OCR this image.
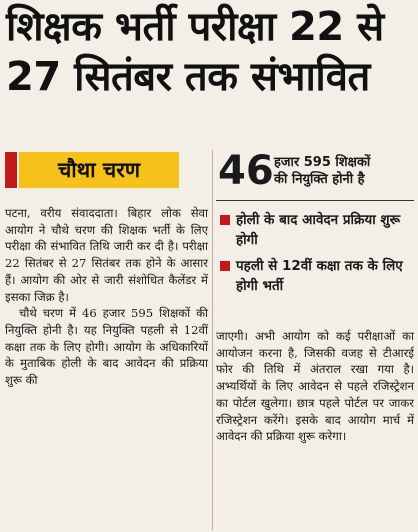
शिक्षक भर्ती परीक्षा 22 से
27 सितंबर तक संभावित
चौथा चरण

पटना, वरीय संवाददाता। बिहार लोक सेवा आयोग ने चौथे चरण की शिक्षक भर्ती के लिए परीक्षा की संभावित तिथि जारी कर दी है। परीक्षा 22 सितंबर से 27 सितंबर तक होने के आसार हैं। आयोग की ओर से जारी संशोधित कैलेंडर में इसका जिक्र है।

चौथे चरण में 46 हजार 595 शिक्षकों की नियुक्ति होनी है। यह नियुक्ति पहली से 12वीं कक्षा तक के लिए होगी। आयोग के अधिकारियों के मुताबिक होली के बाद आवेदन की प्रक्रिया शुरू की

46 हजार 595 शिक्षकों
की नियुक्ति होनी है
होली के बाद आवेदन प्रक्रिया शुरू होगी
पहली से 12वीं कक्षा तक के लिए होगी भर्ती

जाएगी। अभी आयोग को कई परीक्षाओं का आयोजन करना है, जिसकी वजह से टीआरई फोर की तिथि में अंतराल रखा गया है। अभ्यर्थियों के लिए आवेदन से पहले रजिस्ट्रेशन का पोर्टल खुलेगा। छात्र पहले पोर्टल पर जाकर रजिस्ट्रेशन करेंगे। इसके बाद आयोग मार्च में आवेदन की प्रक्रिया शुरू करेगा।
